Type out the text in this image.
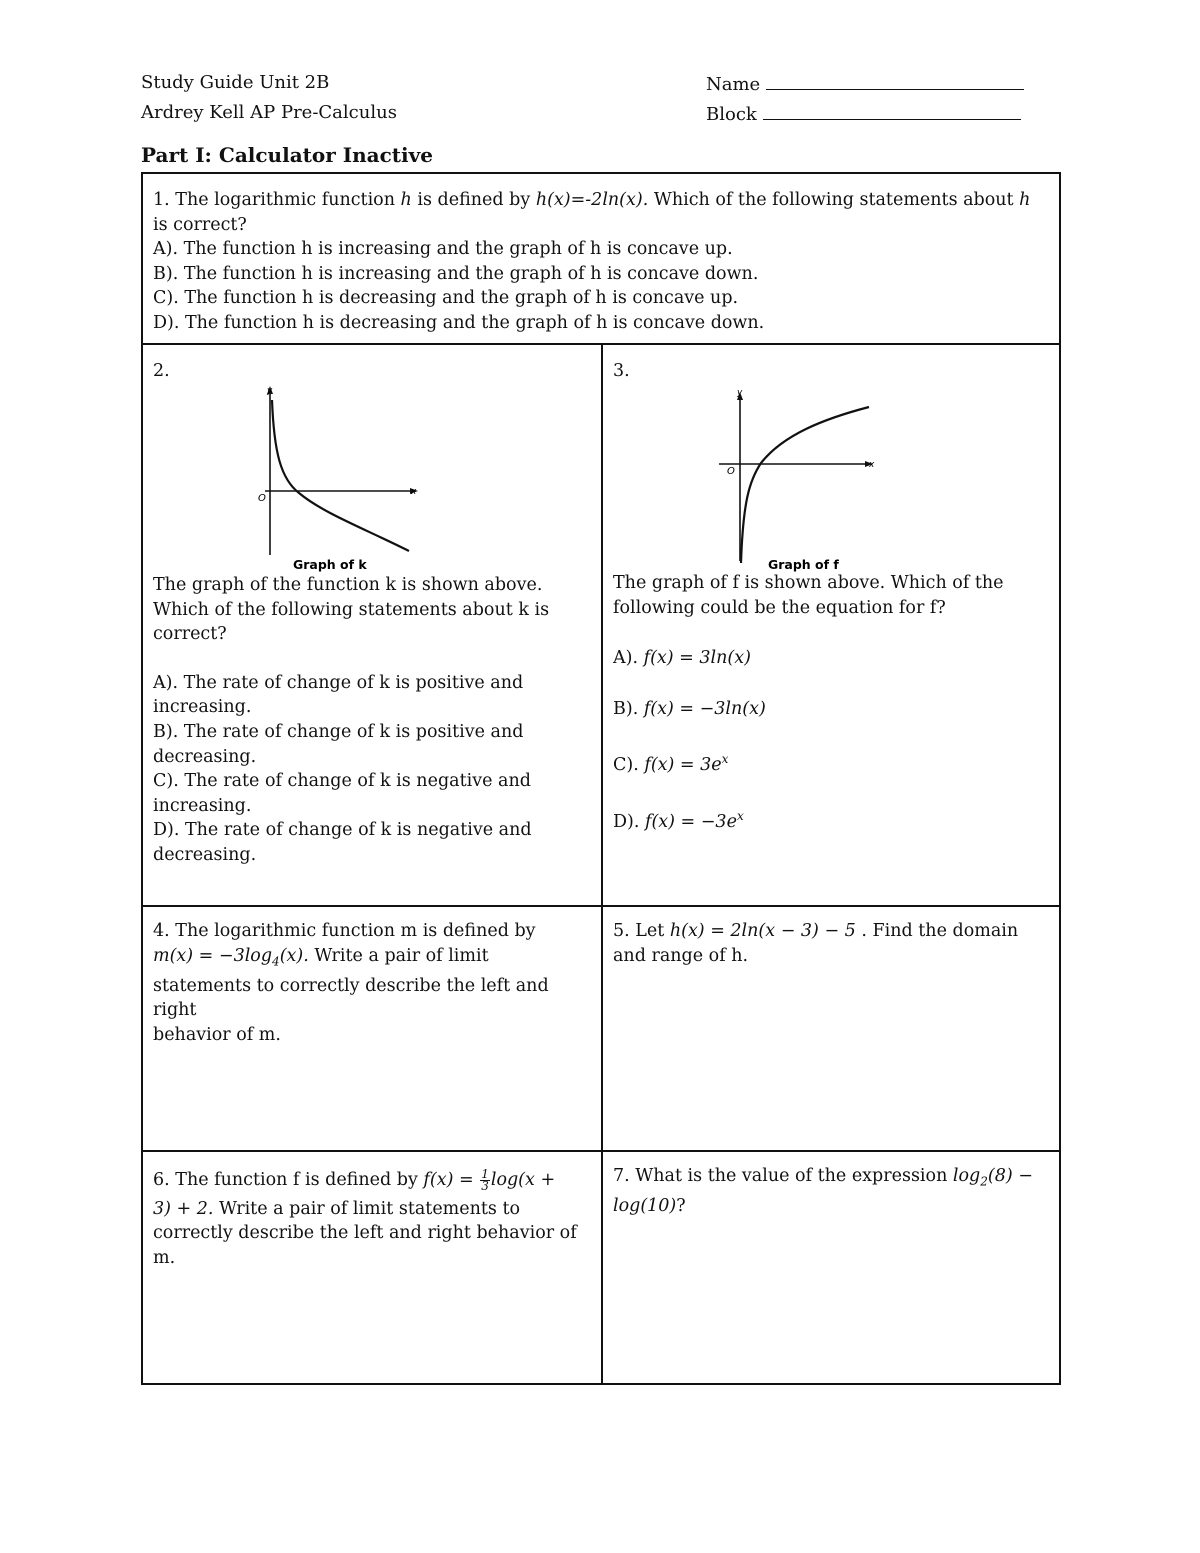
Study Guide Unit 2B
Ardrey Kell AP Pre-Calculus
Name
Block
Part I: Calculator Inactive

1. The logarithmic function h is defined by h(x)=-2ln(x). Which of the following statements about h is correct?

A). The function h is increasing and the graph of h is concave up.

B). The function h is increasing and the graph of h is concave down.

C). The function h is decreasing and the graph of h is concave up.

D). The function h is decreasing and the graph of h is concave down.

2.

y
x
O
Graph of k

The graph of the function k is shown above.

Which of the following statements about k is

correct?

A). The rate of change of k is positive and

increasing.

B). The rate of change of k is positive and

decreasing.

C). The rate of change of k is negative and

increasing.

D). The rate of change of k is negative and

decreasing.

3.

y
x
O
Graph of f

The graph of f is shown above. Which of the

following could be the equation for f?

A). f(x) = 3ln(x)

B). f(x) = −3ln(x)

C). $f(x) = 3e^x$

D). $f(x) = -3e^x$

4. The logarithmic function m is defined by

$m(x) = -3\log_4(x)$. Write a pair of limit

statements to correctly describe the left and right

behavior of m.

5. Let h(x) = 2ln(x − 3) − 5 . Find the domain

and range of h.

6. The function f is defined by $f(x) = \frac{1}{3} \log(x$ +

3) + 2. Write a pair of limit statements to

correctly describe the left and right behavior of m.

7. What is the value of the expression $\log_2(8)$ −

log(10)?
